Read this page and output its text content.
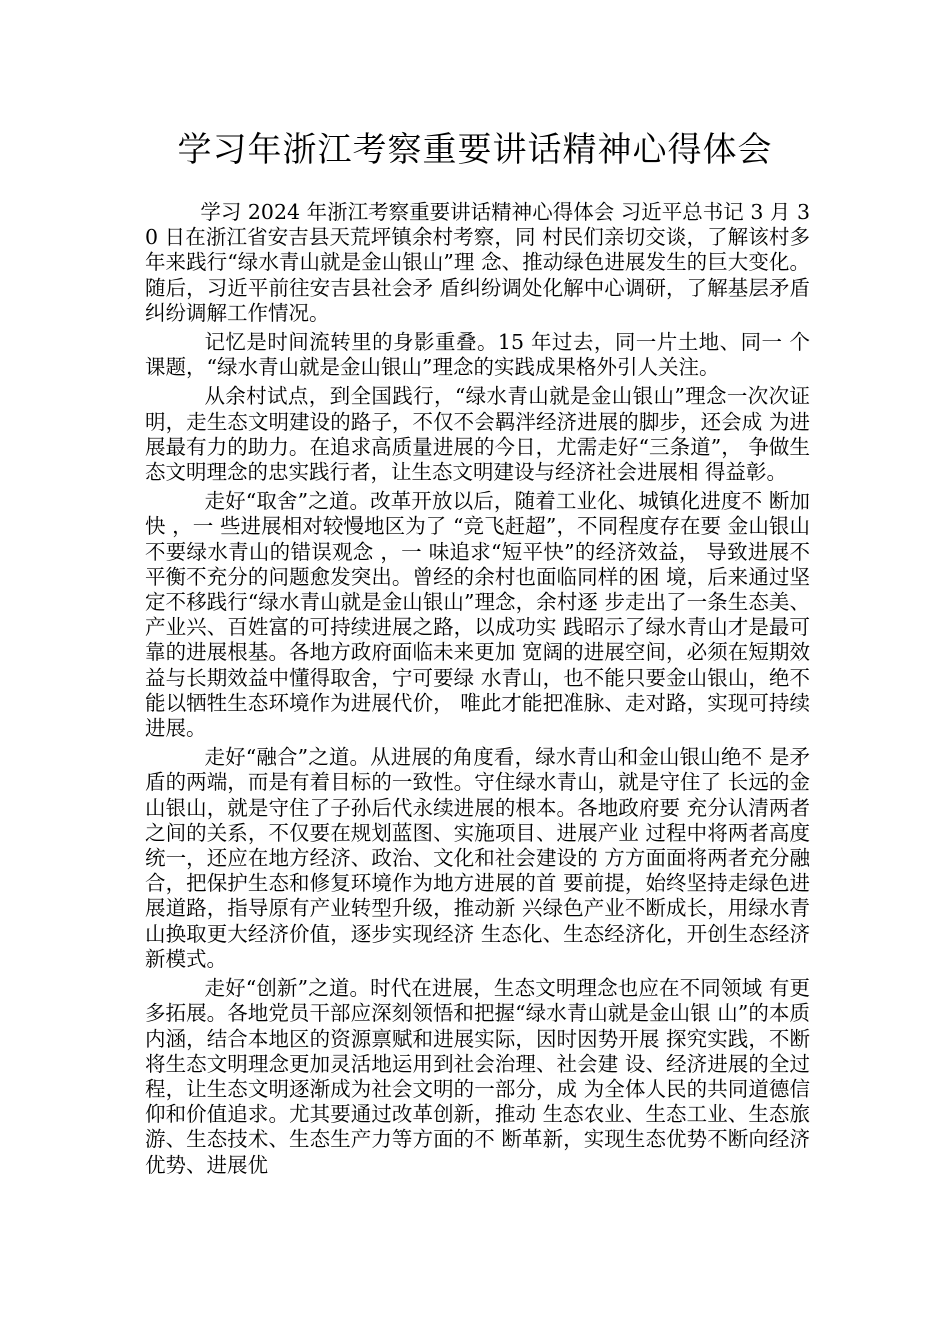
学习年浙江考察重要讲话精神心得体会

学习 2024 年浙江考察重要讲话精神心得体会 习近平总书记 3 月 30 日在浙江省安吉县天荒坪镇余村考察，同 村民们亲切交谈，了解该村多年来践行“绿水青山就是金山银山”理 念、推动绿色进展发生的巨大变化。随后，习近平前往安吉县社会矛 盾纠纷调处化解中心调研，了解基层矛盾纠纷调解工作情况。

记忆是时间流转里的身影重叠。15 年过去，同一片土地、同一 个课题，“绿水青山就是金山银山”理念的实践成果格外引人关注。

从余村试点，到全国践行，“绿水青山就是金山银山”理念一次次证 明，走生态文明建设的路子，不仅不会羁泮经济进展的脚步，还会成 为进展最有力的助力。在追求高质量进展的今日，尤需走好“三条道”， 争做生态文明理念的忠实践行者，让生态文明建设与经济社会进展相 得益彰。

走好“取舍”之道。改革开放以后，随着工业化、城镇化进度不 断加快 ，一 些进展相对较慢地区为了 “竞飞赶超”，不同程度存在要 金山银山不要绿水青山的错误观念 ，一 味追求“短平快”的经济效益， 导致进展不平衡不充分的问题愈发突出。曾经的余村也面临同样的困 境，后来通过坚定不移践行“绿水青山就是金山银山”理念，余村逐 步走出了一条生态美、产业兴、百姓富的可持续进展之路，以成功实 践昭示了绿水青山才是最可靠的进展根基。各地方政府面临未来更加 宽阔的进展空间，必须在短期效益与长期效益中懂得取舍，宁可要绿 水青山，也不能只要金山银山，绝不能以牺牲生态环境作为进展代价， 唯此才能把准脉、走对路，实现可持续进展。

走好“融合”之道。从进展的角度看，绿水青山和金山银山绝不 是矛盾的两端，而是有着目标的一致性。守住绿水青山，就是守住了 长远的金山银山，就是守住了子孙后代永续进展的根本。各地政府要 充分认清两者之间的关系，不仅要在规划蓝图、实施项目、进展产业 过程中将两者高度统一，还应在地方经济、政治、文化和社会建设的 方方面面将两者充分融合，把保护生态和修复环境作为地方进展的首 要前提，始终坚持走绿色进展道路，指导原有产业转型升级，推动新 兴绿色产业不断成长，用绿水青山换取更大经济价值，逐步实现经济 生态化、生态经济化，开创生态经济新模式。

走好“创新”之道。时代在进展，生态文明理念也应在不同领域 有更多拓展。各地党员干部应深刻领悟和把握“绿水青山就是金山银 山”的本质内涵，结合本地区的资源禀赋和进展实际，因时因势开展 探究实践，不断将生态文明理念更加灵活地运用到社会治理、社会建 设、经济进展的全过程，让生态文明逐渐成为社会文明的一部分，成 为全体人民的共同道德信仰和价值追求。尤其要通过改革创新，推动 生态农业、生态工业、生态旅游、生态技术、生态生产力等方面的不 断革新，实现生态优势不断向经济优势、进展优
